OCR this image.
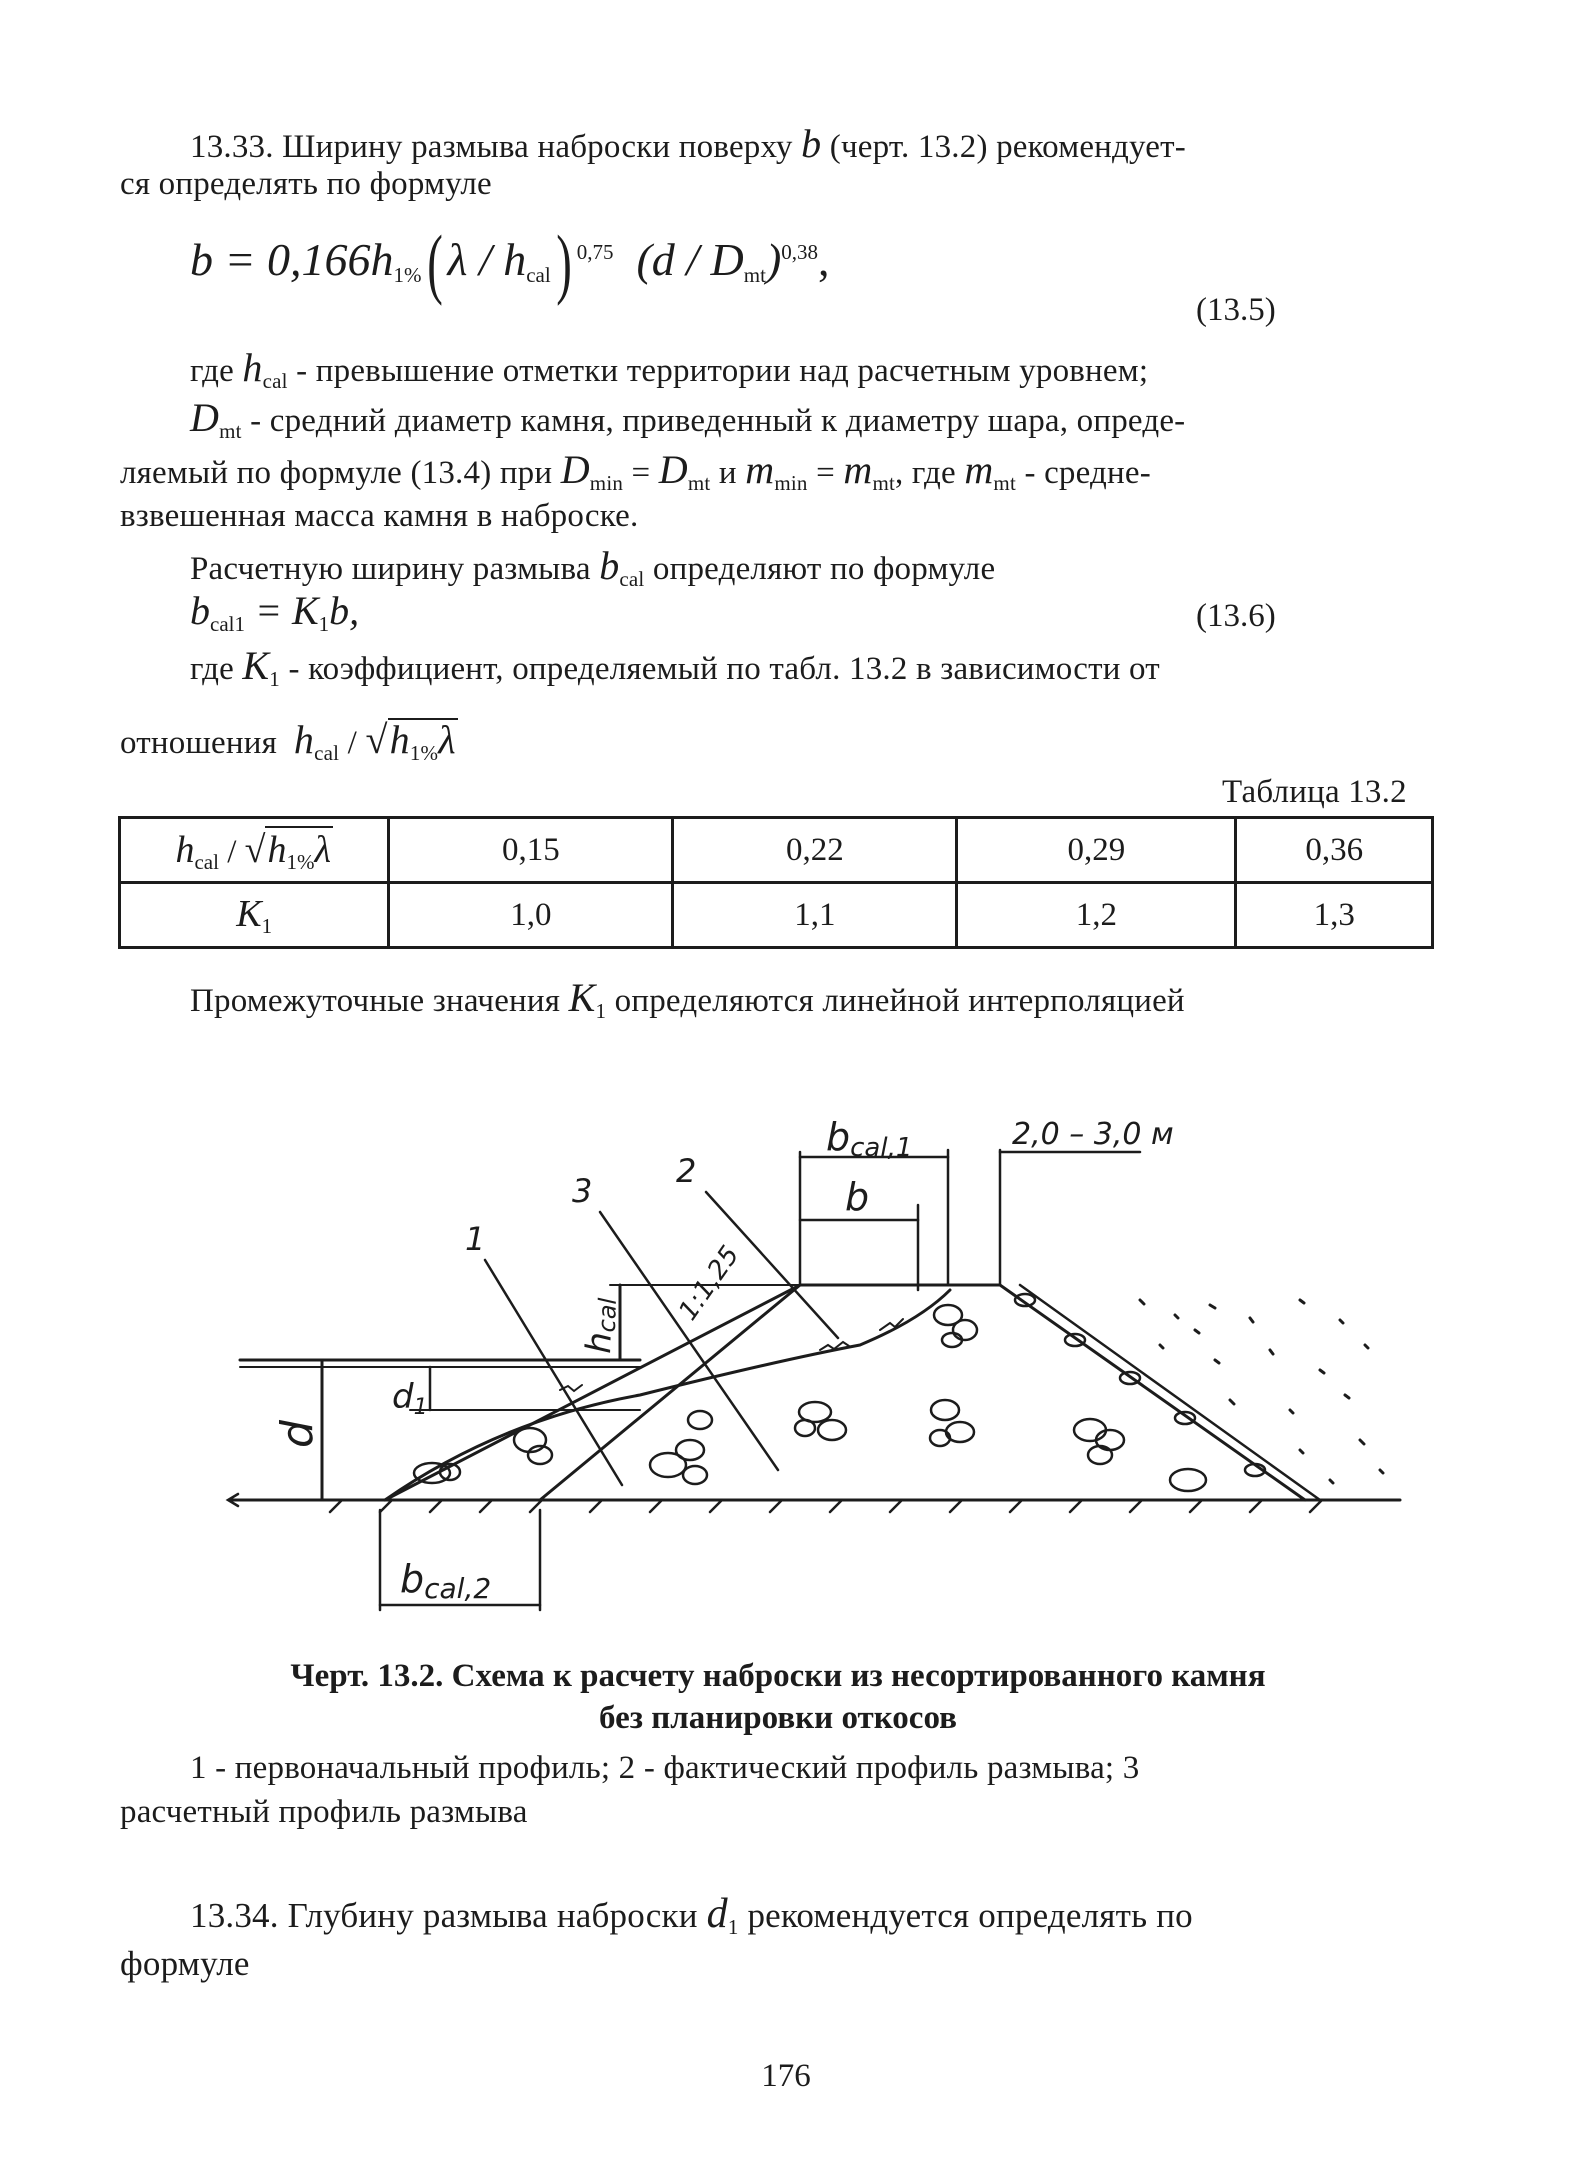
13.33. Ширину размыва наброски поверху b (черт. 13.2) рекомендует-
ся определять по формуле
$b = 0,166h_{1\%}$( λ / $h_{cal}$) $^{0,75}$ $(d / D_{mt})^{0,38}$,
(13.5)
где $h_{cal}$ - превышение отметки территории над расчетным уровнем;
$D_{mt}$ - средний диаметр камня, приведенный к диаметру шара, опреде-
ляемый по формуле (13.4) при $D_{min} = D_{mt}$ и $m_{min} = m_{mt}$, где $m_{mt}$ - средне-
взвешенная масса камня в наброске.
Расчетную ширину размыва $b_{cal}$ определяют по формуле
$b_{cal1} = K_1b$,	(13.6)
где $K_1$ - коэффициент, определяемый по табл. 13.2 в зависимости от
отношения $h_{cal} / √h_{1\%}\lambda$
Таблица 13.2
$h_{cal} / √h_{1\%}\lambda$	0,15	0,22	0,29	0,36
$K_1$	1,0	1,1	1,2	1,3
Промежуточные значения $K_1$ определяются линейной интерполяцией
bcal,1	2,0 – 3,0 м
b
3
2
1
1:1,25
hcal
d1
d
bcal,2
Черт. 13.2. Схема к расчету наброски из несортированного камня
без планировки откосов
1 - первоначальный профиль; 2 - фактический профиль размыва; 3
расчетный профиль размыва
13.34. Глубину размыва наброски $d_1$ рекомендуется определять по
формуле
176
